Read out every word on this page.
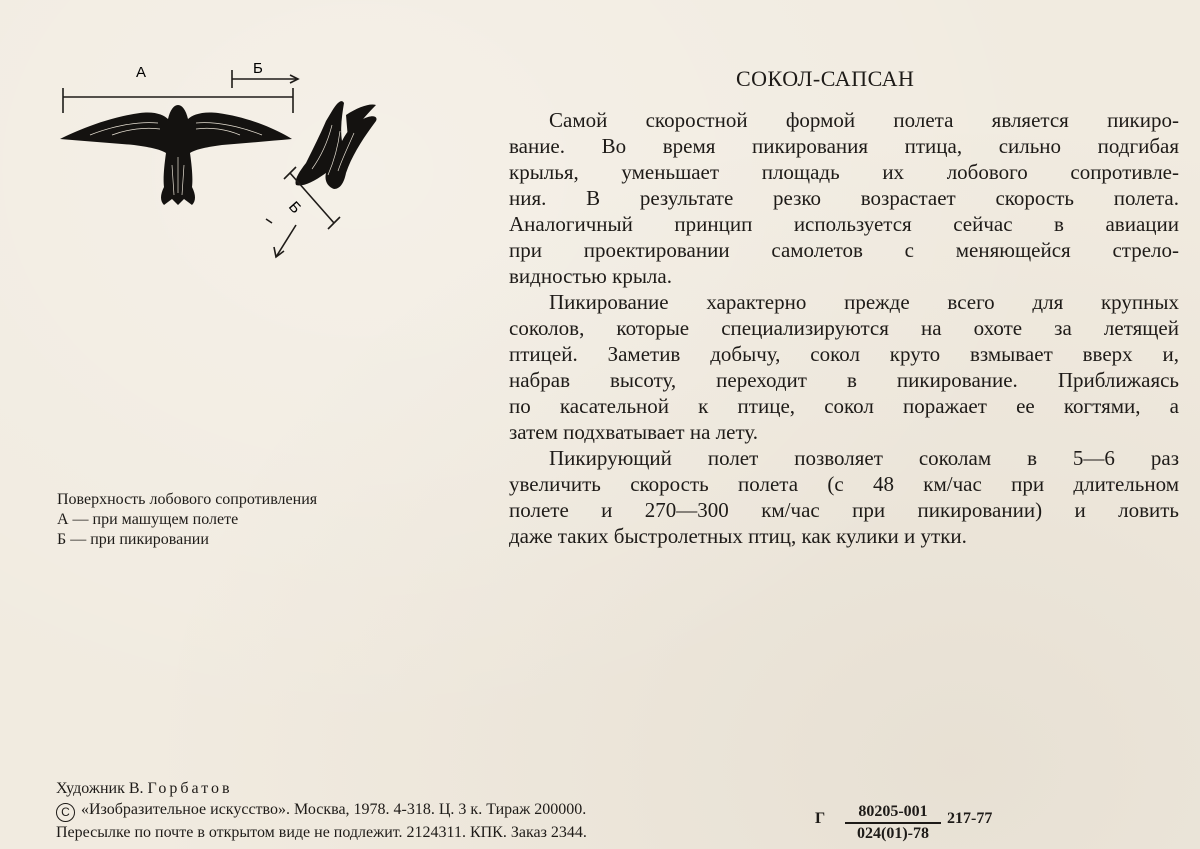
А	Б
Б
Поверхность лобового сопротивления
А — при машущем полете
Б — при пикировании
СОКОЛ-САПСАН
Самой скоростной формой полета является пикиро-
вание. Во время пикирования птица, сильно подгибая
крылья, уменьшает площадь их лобового сопротивле-
ния. В результате резко возрастает скорость полета.
Аналогичный принцип используется сейчас в авиации
при проектировании самолетов с меняющейся стрело-
видностью крыла.
Пикирование характерно прежде всего для крупных
соколов, которые специализируются на охоте за летящей
птицей. Заметив добычу, сокол круто взмывает вверх и,
набрав высоту, переходит в пикирование. Приближаясь
по касательной к птице, сокол поражает ее когтями, а
затем подхватывает на лету.
Пикирующий полет позволяет соколам в 5—6 раз
увеличить скорость полета (с 48 км/час при длительном
полете и 270—300 км/час при пикировании) и ловить
даже таких быстролетных птиц, как кулики и утки.
Художник В. Горбатов
C «Изобразительное искусство». Москва, 1978. 4-318. Ц. 3 к. Тираж 200000.
Пересылке по почте в открытом виде не подлежит. 2124311. КПК. Заказ 2344.
Г	80205-001
024(01)-78
217-77
